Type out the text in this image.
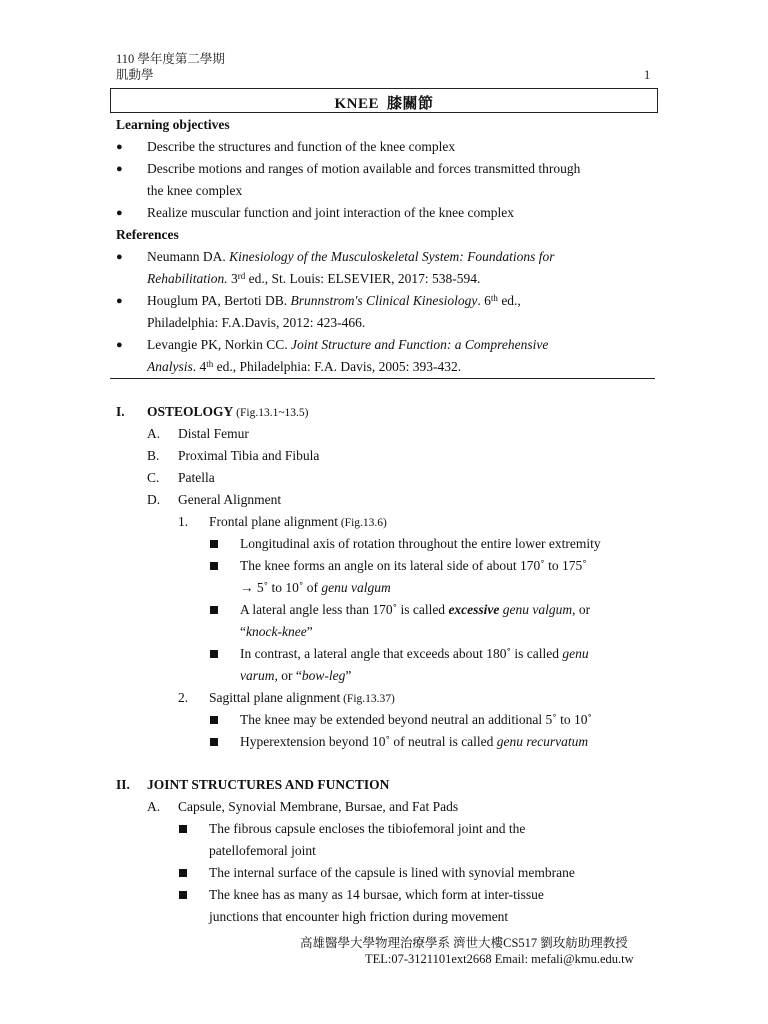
110 學年度第二學期
肌動學	1
KNEE 膝關節
Learning objectives
● Describe the structures and function of the knee complex
● Describe motions and ranges of motion available and forces transmitted through
the knee complex
● Realize muscular function and joint interaction of the knee complex
References
● Neumann DA. Kinesiology of the Musculoskeletal System: Foundations for
Rehabilitation. 3rd ed., St. Louis: ELSEVIER, 2017: 538-594.
● Houglum PA, Bertoti DB. Brunnstrom's Clinical Kinesiology. 6th ed.,
Philadelphia: F.A.Davis, 2012: 423-466.
● Levangie PK, Norkin CC. Joint Structure and Function: a Comprehensive
Analysis. 4th ed., Philadelphia: F.A. Davis, 2005: 393-432.
I. OSTEOLOGY (Fig.13.1~13.5)
A. Distal Femur
B. Proximal Tibia and Fibula
C. Patella
D. General Alignment
1. Frontal plane alignment (Fig.13.6)
Longitudinal axis of rotation throughout the entire lower extremity
The knee forms an angle on its lateral side of about 170˚ to 175˚
→ 5˚ to 10˚ of genu valgum
A lateral angle less than 170˚ is called excessive genu valgum, or
“knock-knee”
In contrast, a lateral angle that exceeds about 180˚ is called genu
varum, or “bow-leg”
2. Sagittal plane alignment (Fig.13.37)
The knee may be extended beyond neutral an additional 5˚ to 10˚
Hyperextension beyond 10˚ of neutral is called genu recurvatum
II. JOINT STRUCTURES AND FUNCTION
A. Capsule, Synovial Membrane, Bursae, and Fat Pads
The fibrous capsule encloses the tibiofemoral joint and the
patellofemoral joint
The internal surface of the capsule is lined with synovial membrane
The knee has as many as 14 bursae, which form at inter-tissue
junctions that encounter high friction during movement
高雄醫學大學物理治療學系 濟世大樓CS517 劉玫舫助理教授
TEL:07-3121101ext2668 Email: mefali@kmu.edu.tw
